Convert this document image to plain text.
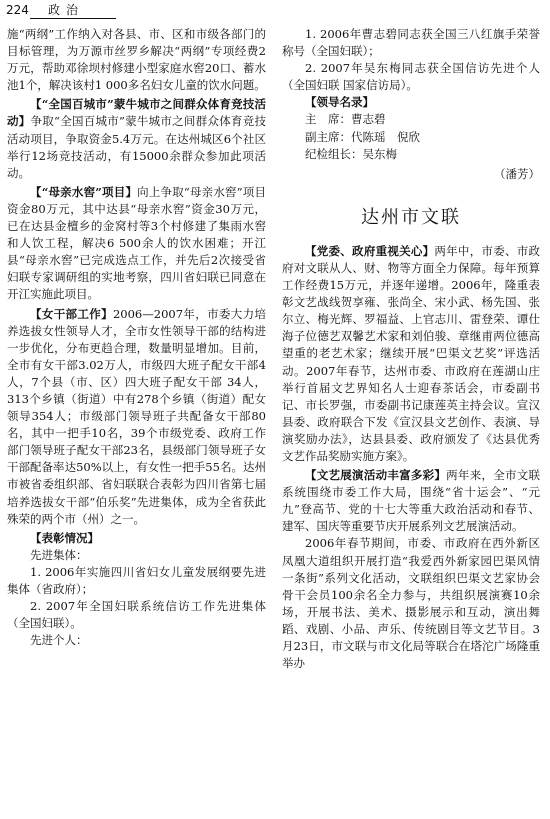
224 政治

施“两纲”工作纳入对各县、市、区和市级各部门的目标管理，为万源市丝罗乡解决“两纲”专项经费2万元，帮助邓徐坝村修建小型家庭水窖20口、蓄水池1个，解决该村1 000多名妇女儿童的饮水问题。

【“全国百城市”蒙牛城市之间群众体育竞技活动】争取“全国百城市”蒙牛城市之间群众体育竞技活动项目，争取资金5.4万元。在达州城区6个社区举行12场竞技活动，有15000余群众参加此项活动。

【“母亲水窖”项目】向上争取“母亲水窖”项目资金80万元，其中达县“母亲水窖”资金30万元，已在达县金檀乡的金窝村等3个村修建了集雨水窖和人饮工程，解决6 500余人的饮水困难；开江县“母亲水窖”已完成选点工作，并先后2次接受省妇联专家调研组的实地考察，四川省妇联已同意在开江实施此项目。

【女干部工作】2006—2007年，市委大力培养选拔女性领导人才，全市女性领导干部的结构进一步优化，分布更趋合理，数量明显增加。目前，全市有女干部3.02万人，市级四大班子配女干部4人，7个县（市、区）四大班子配女干部 34人，313个乡镇（街道）中有278个乡镇（街道）配女领导354人；市级部门领导班子共配备女干部80名，其中一把手10名，39个市级党委、政府工作部门领导班子配女干部23名，县级部门领导班子女干部配备率达50%以上，有女性一把手55名。达州市被省委组织部、省妇联联合表彰为四川省第七届培养选拔女干部“伯乐奖”先进集体，成为全省获此殊荣的两个市（州）之一。

【表彰情况】

先进集体：

1. 2006年实施四川省妇女儿童发展纲要先进集体（省政府）；

2. 2007年全国妇联系统信访工作先进集体（全国妇联）。

先进个人：

1. 2006年曹志碧同志获全国三八红旗手荣誉称号（全国妇联）；

2. 2007年吴东梅同志获全国信访先进个人（全国妇联 国家信访局）。

【领导名录】

主　席：曹志碧

副主席：代陈瑶　倪欣

纪检组长：吴东梅

（潘芳）

达州市文联

【党委、政府重视关心】两年中，市委、市政府对文联从人、财、物等方面全力保障。每年预算工作经费15万元，并逐年递增。2006年，隆重表彰文艺战线贺享雍、张尚全、宋小武、杨先国、张尔立、梅光辉、罗福益、上官志川、雷登荣、谭仕海子位德艺双馨艺术家和刘伯骏、章继甫两位德高望重的老艺术家；继续开展“巴渠文艺奖”评选活动。2007年春节，达州市委、市政府在莲湖山庄举行首届文艺界知名人士迎春茶话会，市委副书记、市长罗强，市委副书记康莲英主持会议。宣汉县委、政府联合下发《宣汉县文艺创作、表演、导演奖励办法》，达县县委、政府颁发了《达县优秀文艺作品奖励实施方案》。

【文艺展演活动丰富多彩】两年来，全市文联系统围绕市委工作大局，围绕“省十运会”、“元九”登高节、党的十七大等重大政治活动和春节、建军、国庆等重要节庆开展系列文艺展演活动。

2006年春节期间，市委、市政府在西外新区凤凰大道组织开展打造“我爱西外新家园巴渠风情一条街”系列文化活动，文联组织巴渠文艺家协会骨干会员100余名全力参与，共组织展演赛10余场，开展书法、美术、摄影展示和互动，演出舞蹈、戏剧、小品、声乐、传统剧目等文艺节目。3月23日，市文联与市文化局等联合在塔沱广场隆重举办
